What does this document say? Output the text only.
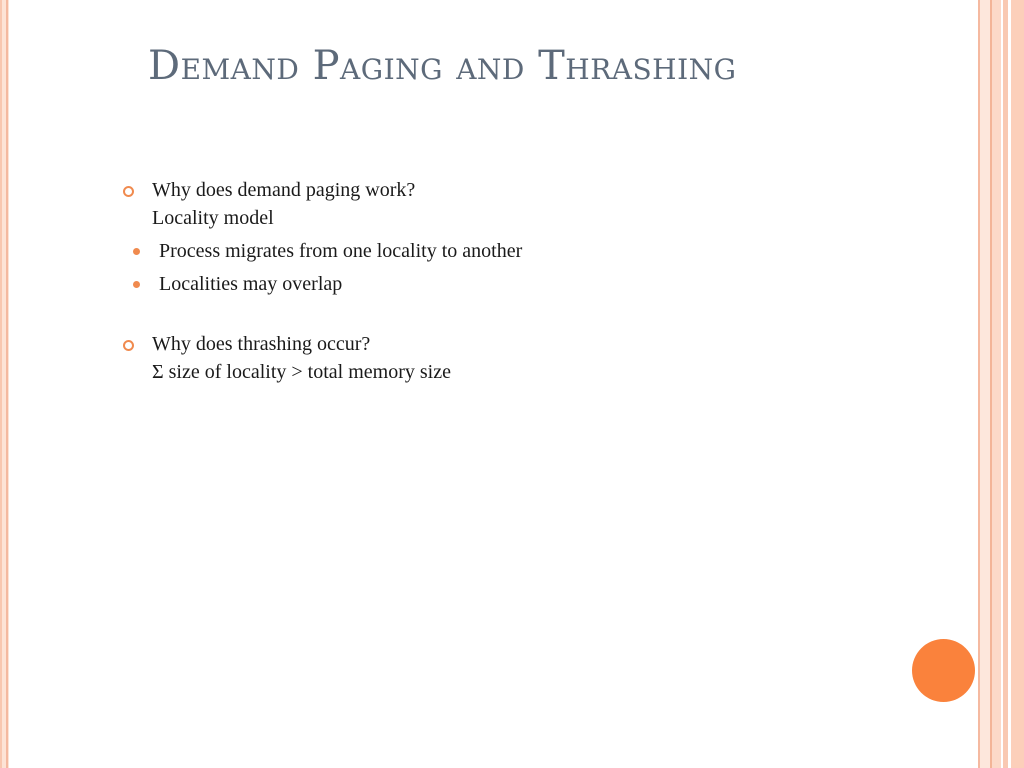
Demand Paging and Thrashing
Why does demand paging work?
Locality model
Process migrates from one locality to another
Localities may overlap
Why does thrashing occur?
Σ size of locality > total memory size
